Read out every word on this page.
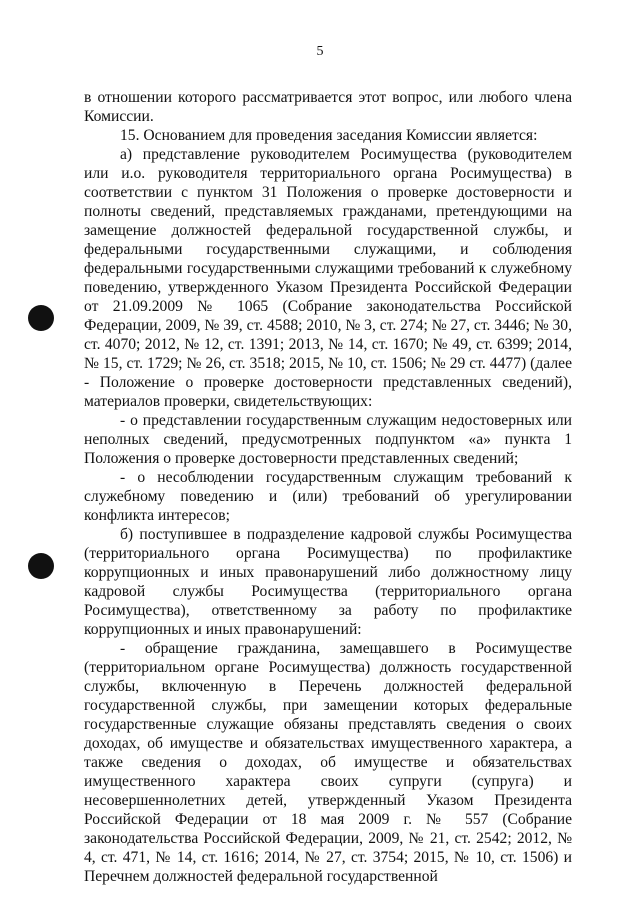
5

в отношении которого рассматривается этот вопрос, или любого члена Комиссии.

15. Основанием для проведения заседания Комиссии является:

а) представление руководителем Росимущества (руководителем или и.о. руководителя территориального органа Росимущества) в соответствии с пунктом 31 Положения о проверке достоверности и полноты сведений, представляемых гражданами, претендующими на замещение должностей федеральной государственной службы, и федеральными государственными служащими, и соблюдения федеральными государственными служащими требований к служебному поведению, утвержденного Указом Президента Российской Федерации от 21.09.2009 № 1065 (Собрание законодательства Российской Федерации, 2009, № 39, ст. 4588; 2010, № 3, ст. 274; № 27, ст. 3446; № 30, ст. 4070; 2012, № 12, ст. 1391; 2013, № 14, ст. 1670; № 49, ст. 6399; 2014, № 15, ст. 1729; № 26, ст. 3518; 2015, № 10, ст. 1506; № 29 ст. 4477) (далее - Положение о проверке достоверности представленных сведений), материалов проверки, свидетельствующих:

- о представлении государственным служащим недостоверных или неполных сведений, предусмотренных подпунктом «а» пункта 1 Положения о проверке достоверности представленных сведений;

- о несоблюдении государственным служащим требований к служебному поведению и (или) требований об урегулировании конфликта интересов;

б) поступившее в подразделение кадровой службы Росимущества (территориального органа Росимущества) по профилактике коррупционных и иных правонарушений либо должностному лицу кадровой службы Росимущества (территориального органа Росимущества), ответственному за работу по профилактике коррупционных и иных правонарушений:

- обращение гражданина, замещавшего в Росимуществе (территориальном органе Росимущества) должность государственной службы, включенную в Перечень должностей федеральной государственной службы, при замещении которых федеральные государственные служащие обязаны представлять сведения о своих доходах, об имуществе и обязательствах имущественного характера, а также сведения о доходах, об имуществе и обязательствах имущественного характера своих супруги (супруга) и несовершеннолетних детей, утвержденный Указом Президента Российской Федерации от 18 мая 2009 г. № 557 (Собрание законодательства Российской Федерации, 2009, № 21, ст. 2542; 2012, № 4, ст. 471, № 14, ст. 1616; 2014, № 27, ст. 3754; 2015, № 10, ст. 1506) и Перечнем должностей федеральной государственной
